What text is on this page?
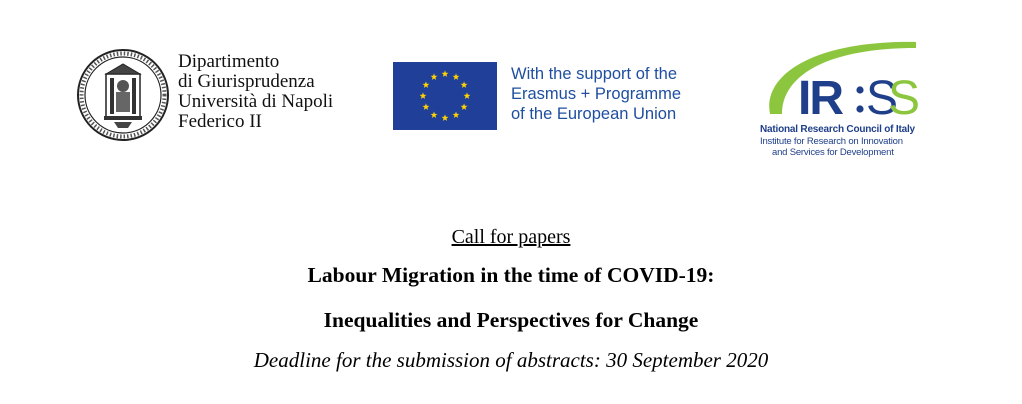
Dipartimento
di Giurisprudenza
Università di Napoli
Federico II
With the support of the
Erasmus + Programme
of the European Union	IR S
S
National Research Council of Italy
Institute for Research on Innovation
and Services for Development
Call for papers
Labour Migration in the time of COVID-19:
Inequalities and Perspectives for Change
Deadline for the submission of abstracts: 30 September 2020
